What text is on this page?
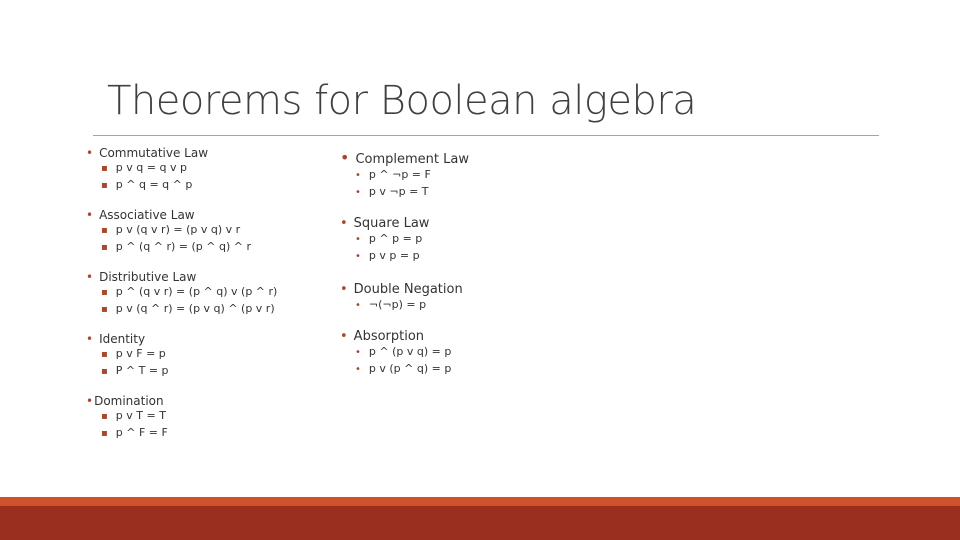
Theorems for Boolean algebra
• Commutative Law
▪ p v q = q v p
▪ p ^ q = q ^ p
• Associative Law
▪ p v (q v r) = (p v q) v r
▪ p ^ (q ^ r) = (p ^ q) ^ r
• Distributive Law
▪ p ^ (q v r) = (p ^ q) v (p ^ r)
▪ p v (q ^ r) = (p v q) ^ (p v r)
• Identity
▪ p v F = p
▪ P ^ T = p
•Domination
▪ p v T = T
▪ p ^ F = F
• Complement Law
• p ^ ¬p = F
• p v ¬p = T
• Square Law
• p ^ p = p
• p v p = p
• Double Negation
• ¬(¬p) = p
• Absorption
• p ^ (p v q) = p
• p v (p ^ q) = p
